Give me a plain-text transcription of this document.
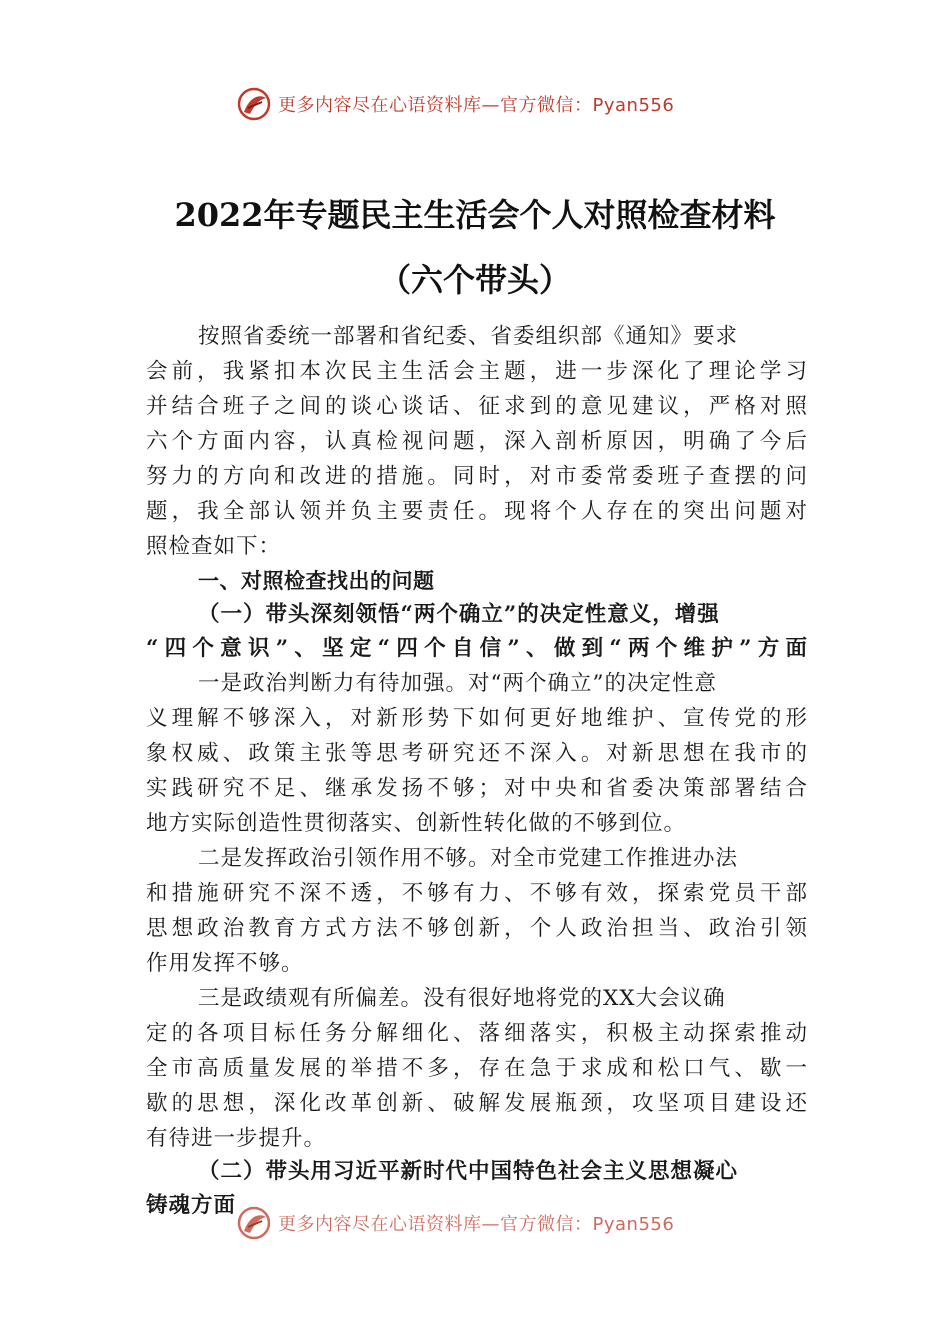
更多内容尽在心语资料库—官方微信：Pyan556
2022年专题民主生活会个人对照检查材料
（六个带头）
按照省委统一部署和省纪委、省委组织部《通知》要求
会前，我紧扣本次民主生活会主题，进一步深化了理论学习
并结合班子之间的谈心谈话、征求到的意见建议，严格对照
六个方面内容，认真检视问题，深入剖析原因，明确了今后
努力的方向和改进的措施。同时，对市委常委班子查摆的问
题，我全部认领并负主要责任。现将个人存在的突出问题对
照检查如下：
一、对照检查找出的问题
（一）带头深刻领悟“两个确立”的决定性意义，增强
“四个意识”、坚定“四个自信”、做到“两个维护”方面
一是政治判断力有待加强。对“两个确立”的决定性意
义理解不够深入，对新形势下如何更好地维护、宣传党的形
象权威、政策主张等思考研究还不深入。对新思想在我市的
实践研究不足、继承发扬不够；对中央和省委决策部署结合
地方实际创造性贯彻落实、创新性转化做的不够到位。
二是发挥政治引领作用不够。对全市党建工作推进办法
和措施研究不深不透，不够有力、不够有效，探索党员干部
思想政治教育方式方法不够创新，个人政治担当、政治引领
作用发挥不够。
三是政绩观有所偏差。没有很好地将党的XX大会议确
定的各项目标任务分解细化、落细落实，积极主动探索推动
全市高质量发展的举措不多，存在急于求成和松口气、歇一
歇的思想，深化改革创新、破解发展瓶颈，攻坚项目建设还
有待进一步提升。
（二）带头用习近平新时代中国特色社会主义思想凝心
铸魂方面
更多内容尽在心语资料库—官方微信：Pyan556
